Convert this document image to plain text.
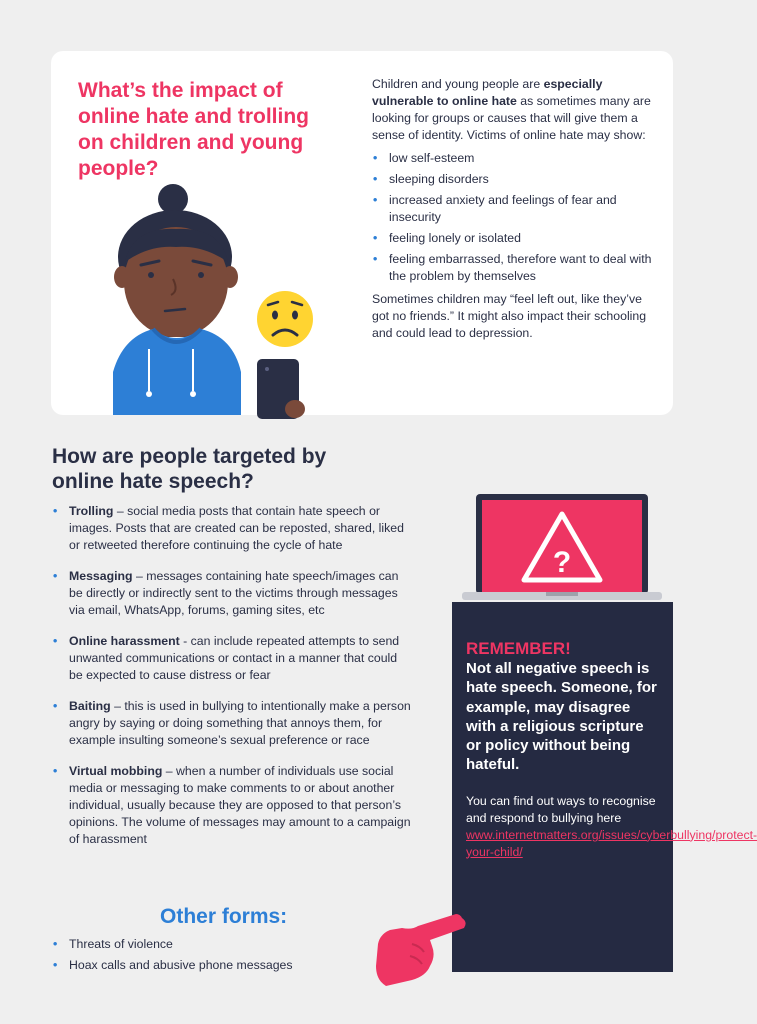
What’s the impact of online hate and trolling on children and young people?

Children and young people are especially vulnerable to online hate as sometimes many are looking for groups or causes that will give them a sense of identity. Victims of online hate may show:

• low self-esteem
• sleeping disorders
• increased anxiety and feelings of fear and insecurity
• feeling lonely or isolated
• feeling embarrassed, therefore want to deal with the problem by themselves

Sometimes children may “feel left out, like they’ve got no friends.” It might also impact their schooling and could lead to depression.

How are people targeted by online hate speech?
• Trolling – social media posts that contain hate speech or images. Posts that are created can be reposted, shared, liked or retweeted therefore continuing the cycle of hate
• Messaging – messages containing hate speech/images can be directly or indirectly sent to the victims through messages via email, WhatsApp, forums, gaming sites, etc
• Online harassment - can include repeated attempts to send unwanted communications or contact in a manner that could be expected to cause distress or fear
• Baiting – this is used in bullying to intentionally make a person angry by saying or doing something that annoys them, for example insulting someone’s sexual preference or race
• Virtual mobbing – when a number of individuals use social media or messaging to make comments to or about another individual, usually because they are opposed to that person’s opinions. The volume of messages may amount to a campaign of harassment
Other forms:
• Threats of violence
• Hoax calls and abusive phone messages
?
REMEMBER!
Not all negative speech is hate speech. Someone, for example, may disagree with a religious scripture or policy without being hateful.
You can find out ways to recognise and respond to bullying here
www.internetmatters.org/issues/cyberbullying/protect-your-child/
